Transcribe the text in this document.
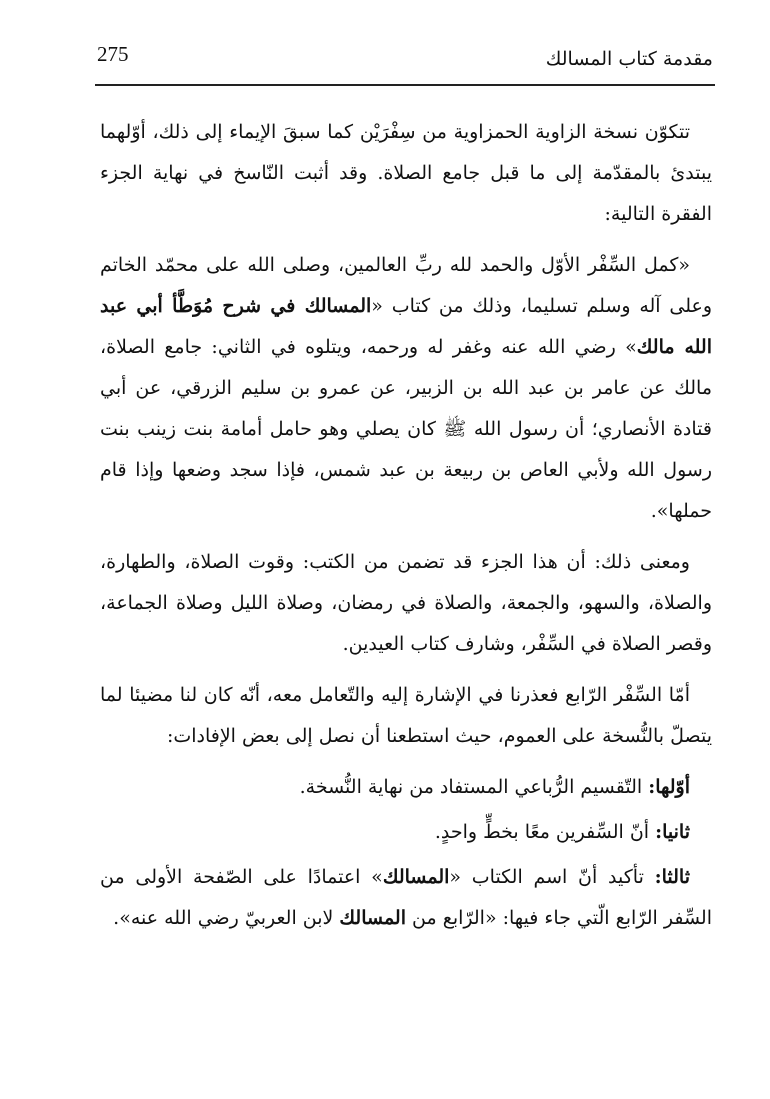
275	مقدمة كتاب المسالك

تتكوّن نسخة الزاوية الحمزاوية من سِفْرَيْن كما سبقَ الإيماء إلى ذلك، أوّلهما يبتدئ بالمقدّمة إلى ما قبل جامع الصلاة. وقد أثبت النّاسخ في نهاية الجزء الفقرة التالية:

«كمل السِّفْر الأوّل والحمد لله ربِّ العالمين، وصلى الله على محمّد الخاتم وعلى آله وسلم تسليما، وذلك من كتاب «المسالك في شرح مُوَطَّأ أبي عبد الله مالك» رضي الله عنه وغفر له ورحمه، ويتلوه في الثاني: جامع الصلاة، مالك عن عامر بن عبد الله بن الزبير، عن عمرو بن سليم الزرقي، عن أبي قتادة الأنصاري؛ أن رسول الله ﷺ كان يصلي وهو حامل أمامة بنت زينب بنت رسول الله ولأبي العاص بن ربيعة بن عبد شمس، فإذا سجد وضعها وإذا قام حملها».

ومعنى ذلك: أن هذا الجزء قد تضمن من الكتب: وقوت الصلاة، والطهارة، والصلاة، والسهو، والجمعة، والصلاة في رمضان، وصلاة الليل وصلاة الجماعة، وقصر الصلاة في السِّفْر، وشارف كتاب العيدين.

أمّا السِّفْر الرّابع فعذرنا في الإشارة إليه والتّعامل معه، أنّه كان لنا مضيئا لما يتصلّ بالنُّسخة على العموم، حيث استطعنا أن نصل إلى بعض الإفادات:

أوّلها: التّقسيم الرُّباعي المستفاد من نهاية النُّسخة.

ثانيا: أنّ السِّفرين معًا بخطٍّ واحدٍ.

ثالثا: تأكيد أنّ اسم الكتاب «المسالك» اعتمادًا على الصّفحة الأولى من السِّفر الرّابع الّتي جاء فيها: «الرّابع من المسالك لابن العربيّ رضي الله عنه».
